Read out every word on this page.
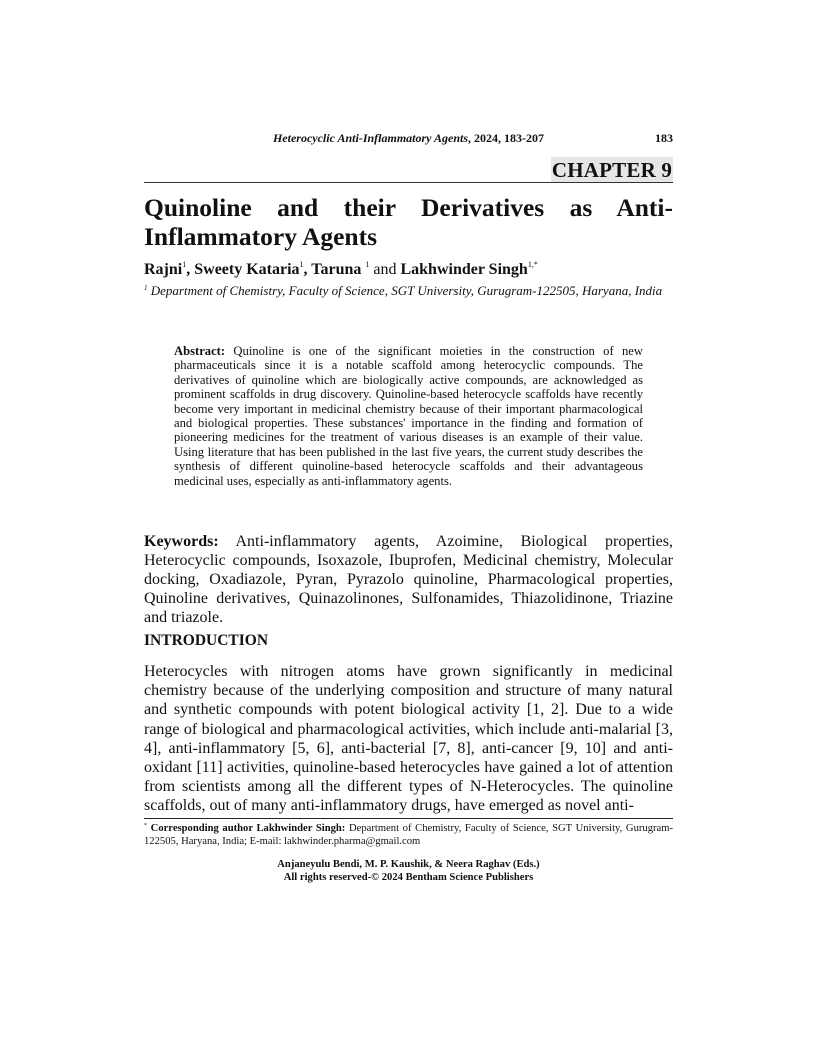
Heterocyclic Anti-Inflammatory Agents, 2024, 183-207	183
CHAPTER 9
Quinoline and their Derivatives as Anti-
Inflammatory Agents
Rajni$^1$, Sweety Kataria$^1$, Taruna $^1$ and Lakhwinder Singh$^{1,*}$
$^1$ Department of Chemistry, Faculty of Science, SGT University, Gurugram-122505, Haryana, India
Abstract: Quinoline is one of the significant moieties in the construction of new pharmaceuticals since it is a notable scaffold among heterocyclic compounds. The derivatives of quinoline which are biologically active compounds, are acknowledged as prominent scaffolds in drug discovery. Quinoline-based heterocycle scaffolds have recently become very important in medicinal chemistry because of their important pharmacological and biological properties. These substances' importance in the finding and formation of pioneering medicines for the treatment of various diseases is an example of their value. Using literature that has been published in the last five years, the current study describes the synthesis of different quinoline-based heterocycle scaffolds and their advantageous medicinal uses, especially as anti-inflammatory agents.
Keywords: Anti-inflammatory agents, Azoimine, Biological properties, Heterocyclic compounds, Isoxazole, Ibuprofen, Medicinal chemistry, Molecular docking, Oxadiazole, Pyran, Pyrazolo quinoline, Pharmacological properties, Quinoline derivatives, Quinazolinones, Sulfonamides, Thiazolidinone, Triazine and triazole.
INTRODUCTION
Heterocycles with nitrogen atoms have grown significantly in medicinal chemistry because of the underlying composition and structure of many natural and synthetic compounds with potent biological activity [1, 2]. Due to a wide range of biological and pharmacological activities, which include anti-malarial [3, 4], anti-inflammatory [5, 6], anti-bacterial [7, 8], anti-cancer [9, 10] and anti-oxidant [11] activities, quinoline-based heterocycles have gained a lot of attention from scientists among all the different types of N-Heterocycles. The quinoline scaffolds, out of many anti-inflammatory drugs, have emerged as novel anti-
* Corresponding author Lakhwinder Singh: Department of Chemistry, Faculty of Science, SGT University, Gurugram-122505, Haryana, India; E-mail: lakhwinder.pharma@gmail.com
Anjaneyulu Bendi, M. P. Kaushik, & Neera Raghav (Eds.)
All rights reserved-© 2024 Bentham Science Publishers
